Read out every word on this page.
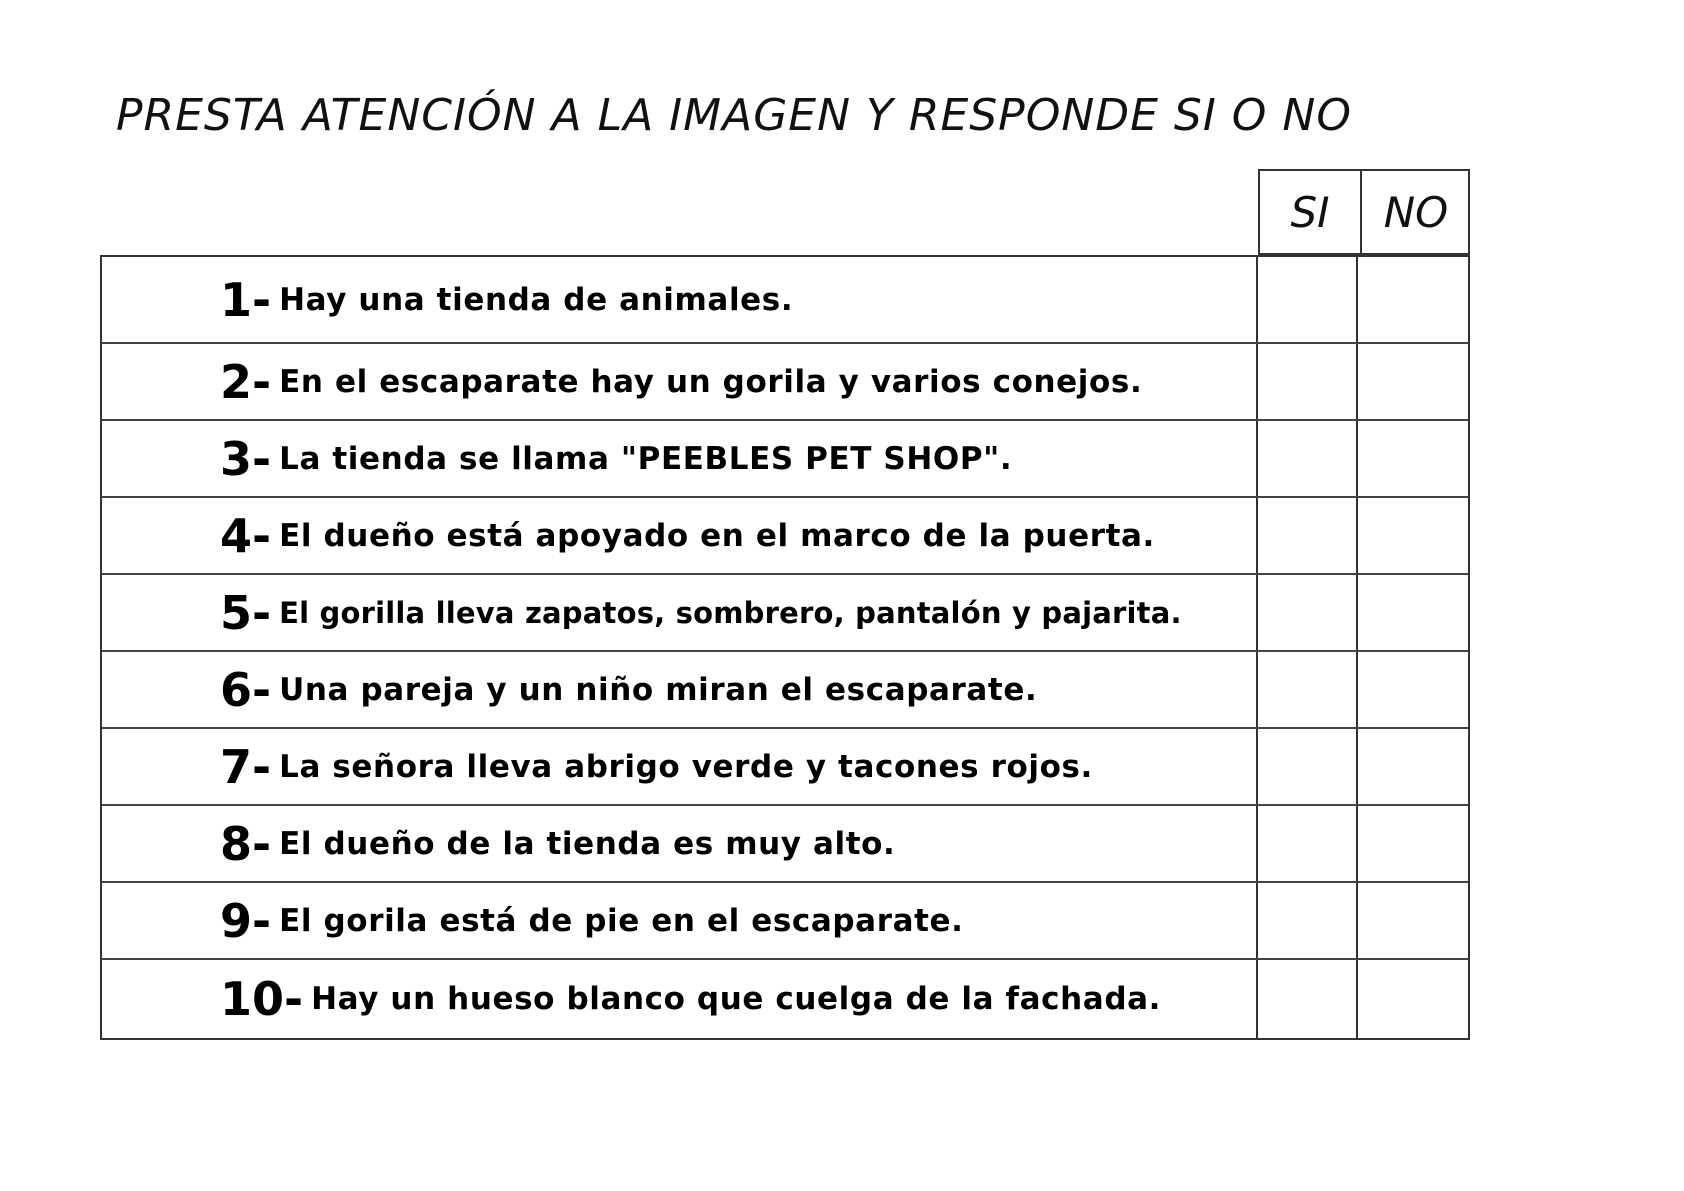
PRESTA ATENCIÓN A LA IMAGEN Y RESPONDE SI O NO
SI	NO
1- Hay una tienda de animales.
2- En el escaparate hay un gorila y varios conejos.
3- La tienda se llama "PEEBLES PET SHOP".
4- El dueño está apoyado en el marco de la puerta.
5- El gorilla lleva zapatos, sombrero, pantalón y pajarita.
6- Una pareja y un niño miran el escaparate.
7- La señora lleva abrigo verde y tacones rojos.
8- El dueño de la tienda es muy alto.
9- El gorila está de pie en el escaparate.
10- Hay un hueso blanco que cuelga de la fachada.
